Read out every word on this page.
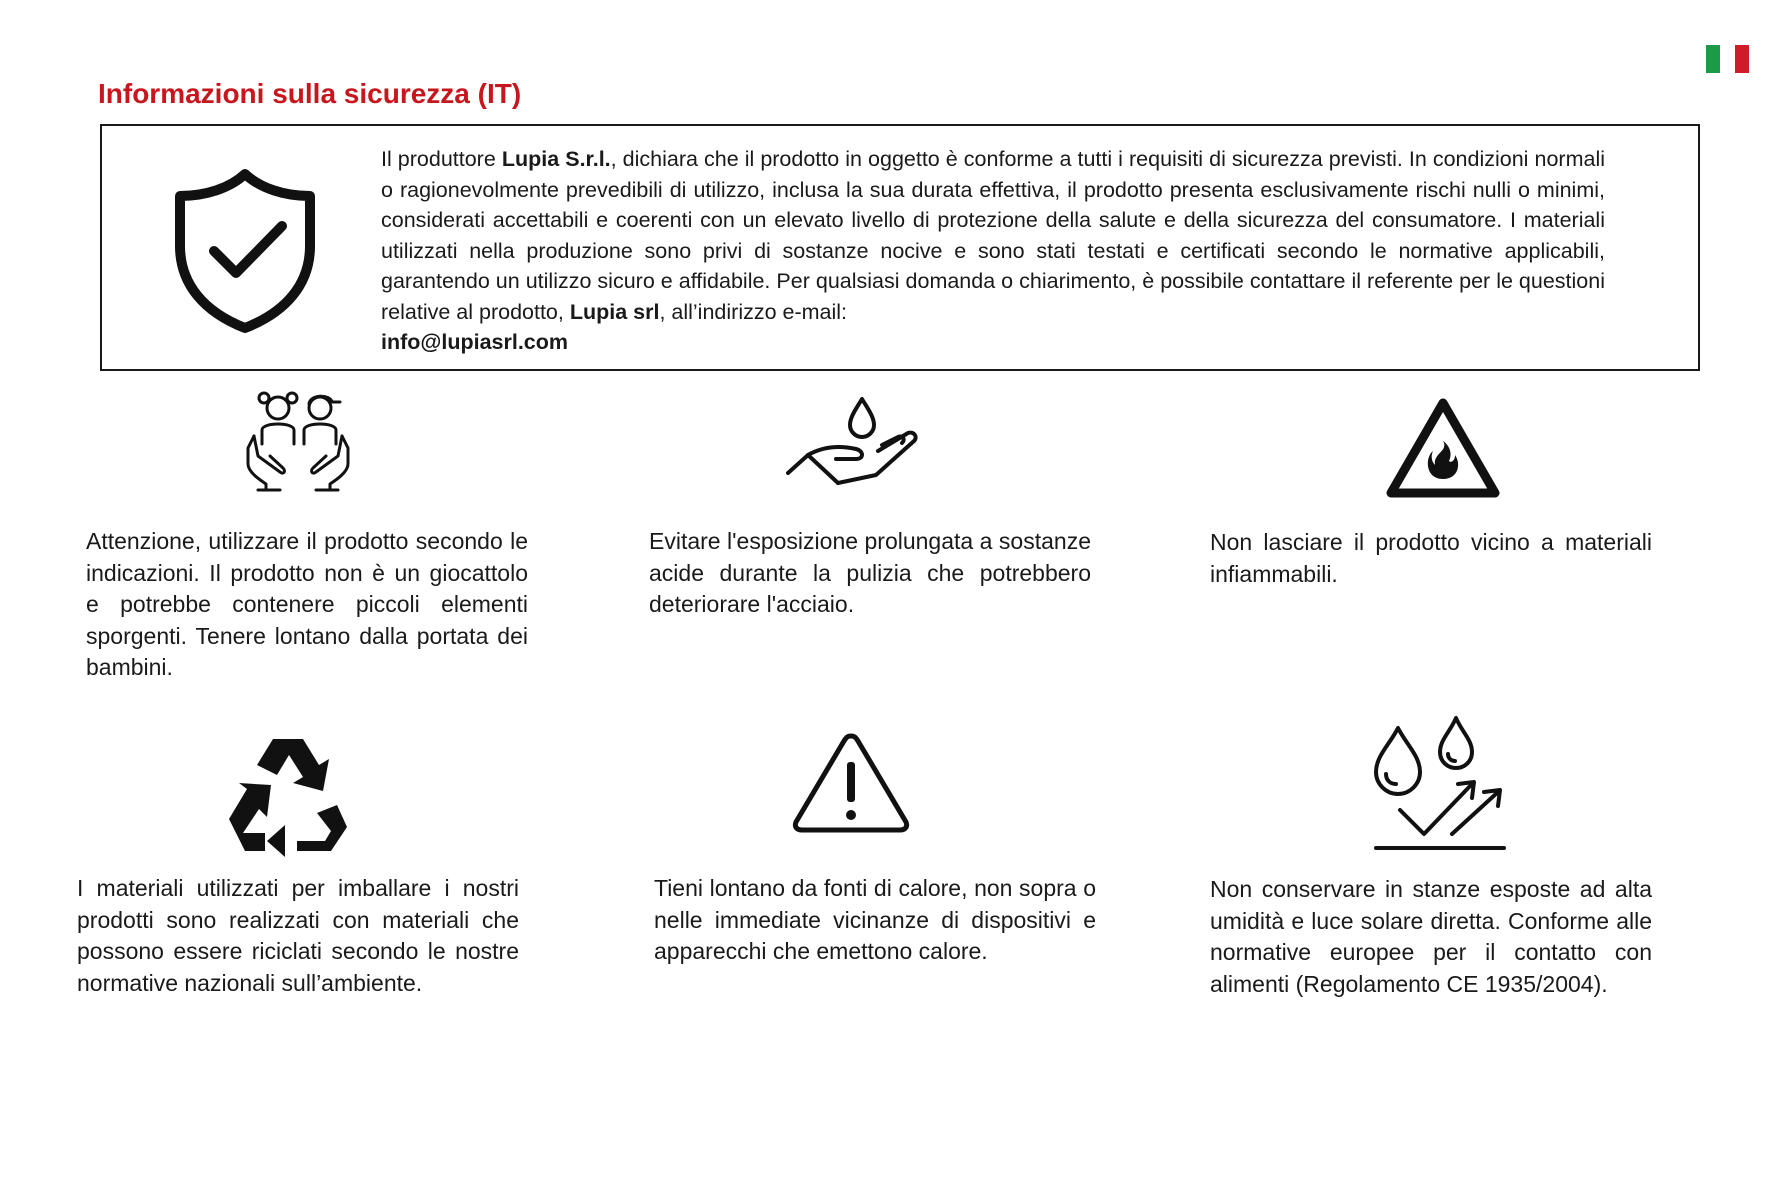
Informazioni sulla sicurezza (IT)

Il produttore Lupia S.r.l., dichiara che il prodotto in oggetto è conforme a tutti i requisiti di sicurezza previsti. In condizioni normali o ragionevolmente prevedibili di utilizzo, inclusa la sua durata effettiva, il prodotto presenta esclusivamente rischi nulli o minimi, considerati accettabili e coerenti con un elevato livello di protezione della salute e della sicurezza del consumatore. I materiali utilizzati nella produzione sono privi di sostanze nocive e sono stati testati e certificati secondo le normative applicabili, garantendo un utilizzo sicuro e affidabile. Per qualsiasi domanda o chiarimento, è possibile contattare il referente per le questioni relative al prodotto, Lupia srl, all’indirizzo e-mail:
info@lupiasrl.com

Attenzione, utilizzare il prodotto secondo le indicazioni. Il prodotto non è un giocattolo e potrebbe contenere piccoli elementi sporgenti. Tenere lontano dalla portata dei bambini.

Evitare l'esposizione prolungata a sostanze acide durante la pulizia che potrebbero deteriorare l'acciaio.

Non lasciare il prodotto vicino a materiali infiammabili.

I materiali utilizzati per imballare i nostri prodotti sono realizzati con materiali che possono essere riciclati secondo le nostre normative nazionali sull’ambiente.

Tieni lontano da fonti di calore, non sopra o nelle immediate vicinanze di dispositivi e apparecchi che emettono calore.

Non conservare in stanze esposte ad alta umidità e luce solare diretta. Conforme alle normative europee per il contatto con alimenti (Regolamento CE 1935/2004).
